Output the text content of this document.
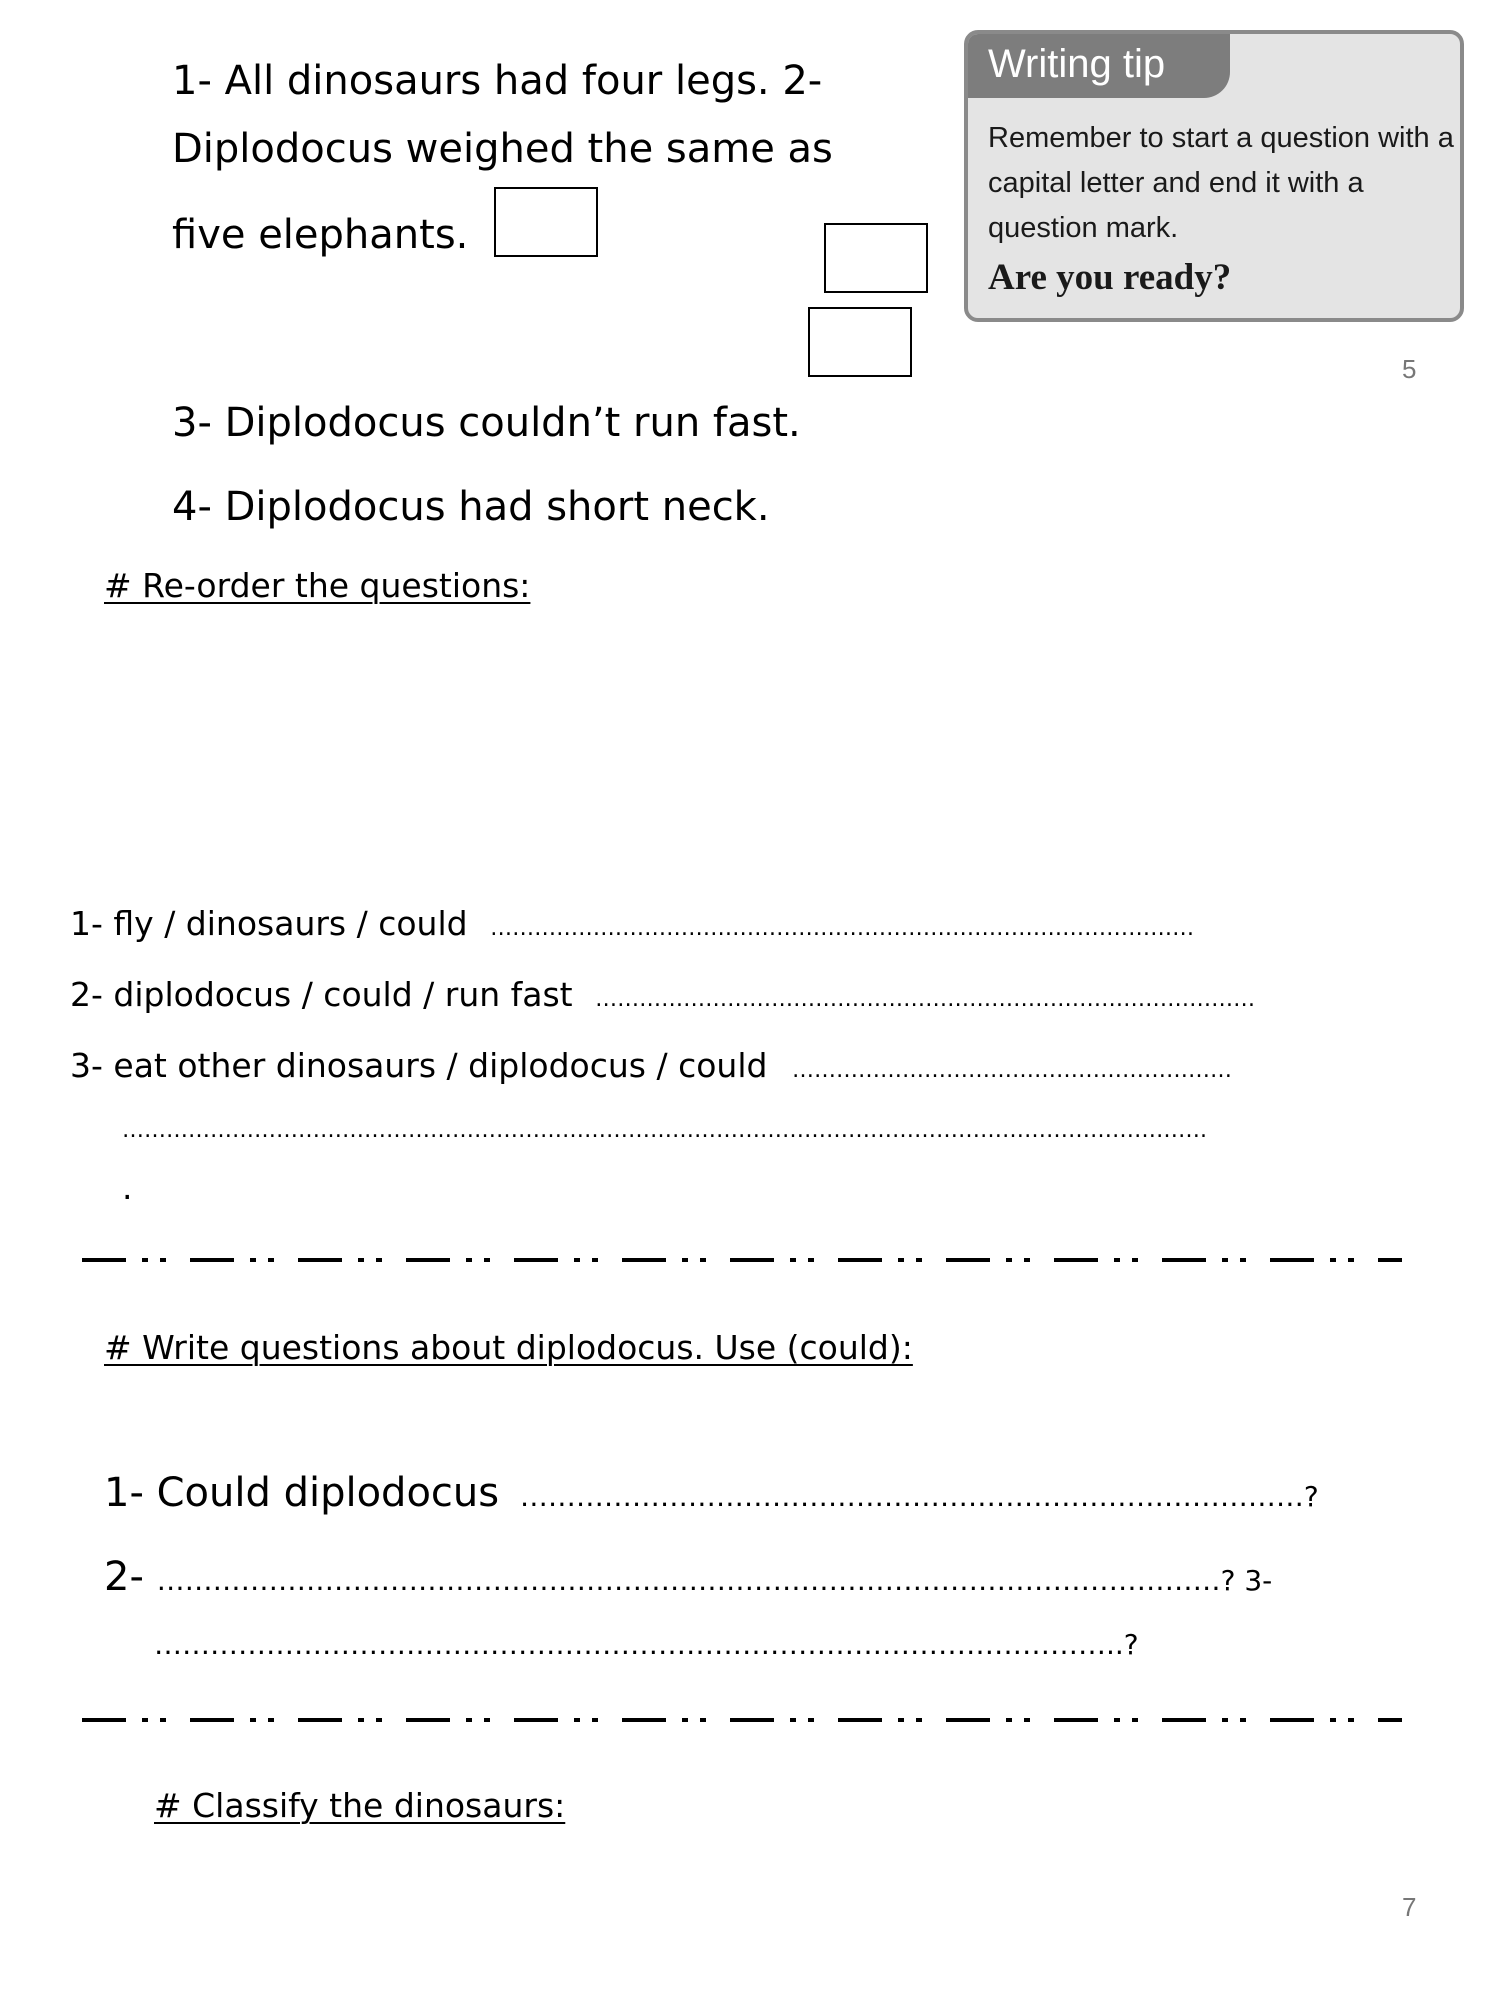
1- All dinosaurs had four legs. 2-
Diplodocus weighed the same as
five elephants.
3- Diplodocus couldn’t run fast.
4- Diplodocus had short neck.
Writing tip
Remember to start a question with a capital letter and end it with a question mark.
Are you ready?
5
# Re-order the questions:
1- fly / dinosaurs / could ……………………………………………………………………………………
2- diplodocus / could / run fast ………………………………………………………………………………
3- eat other dinosaurs / diplodocus / could ……………………………………………………
………………………………………………………………………………………………………………………………….
.
# Write questions about diplodocus. Use (could):
1- Could diplodocus …………………………………………………………………………?
2- ……………………………………………………………………………………………………? 3-
…………………………………………………………………………………………..?
# Classify the dinosaurs:
7
